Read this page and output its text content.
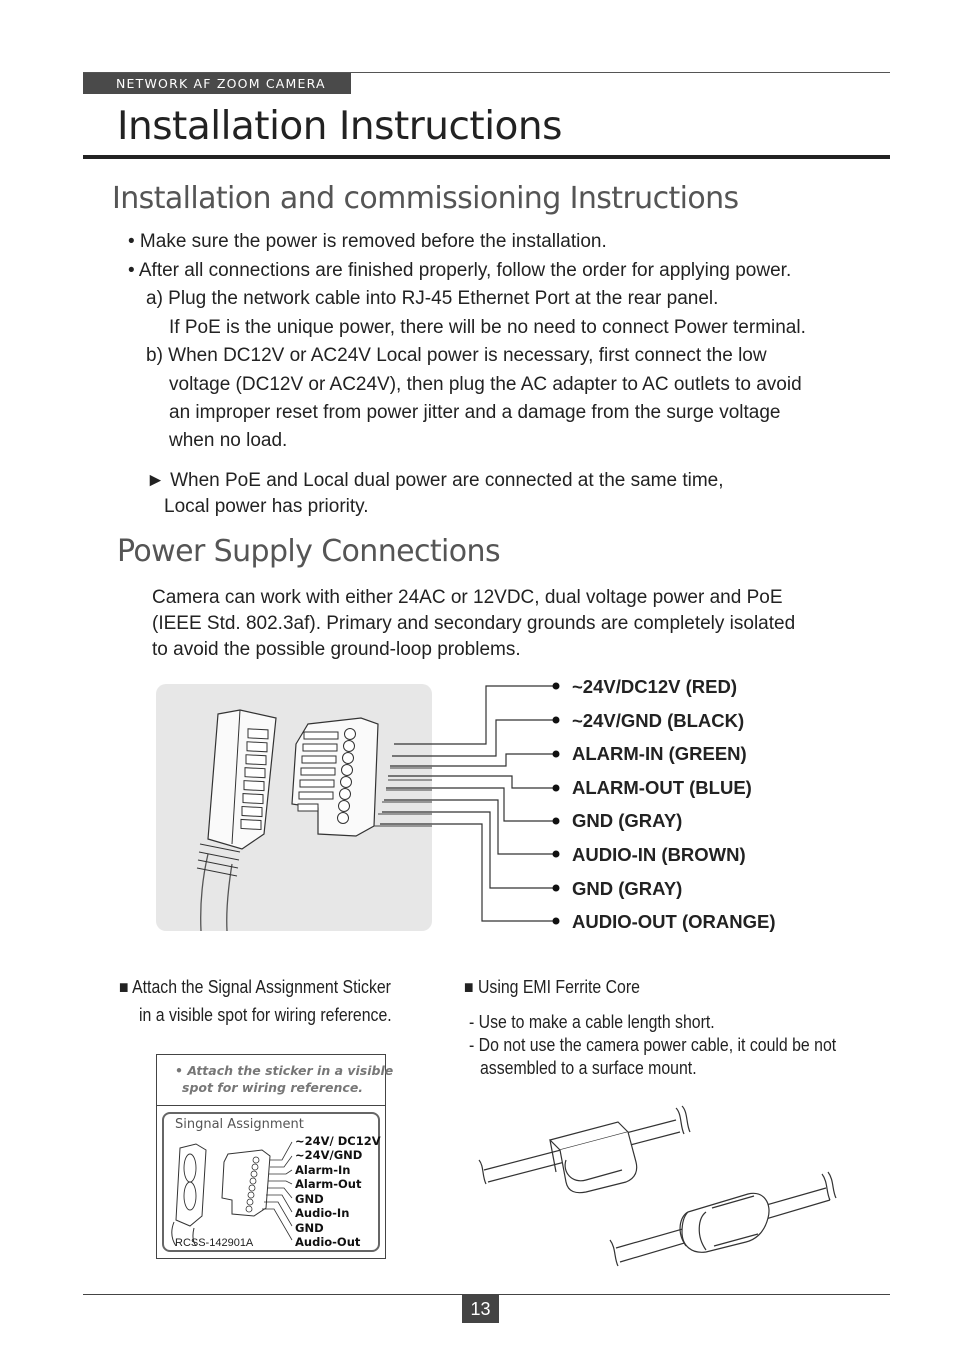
NETWORK AF ZOOM CAMERA
Installation Instructions
Installation and commissioning Instructions
• Make sure the power is removed before the installation.
• After all connections are finished properly, follow the order for applying power.
a) Plug the network cable into RJ-45 Ethernet Port at the rear panel.
If PoE is the unique power, there will be no need to connect Power terminal.
b) When DC12V or AC24V Local power is necessary, first connect the low
voltage (DC12V or AC24V), then plug the AC adapter to AC outlets to avoid
an improper reset from power jitter and a damage from the surge voltage
when no load.
► When PoE and Local dual power are connected at the same time,
Local power has priority.
Power Supply Connections
Camera can work with either 24AC or 12VDC, dual voltage power and PoE
(IEEE Std. 802.3af). Primary and secondary grounds are completely isolated
to avoid the possible ground-loop problems.
~24V/DC12V (RED)
~24V/GND (BLACK)
ALARM-IN (GREEN)
ALARM-OUT (BLUE)
GND (GRAY)
AUDIO-IN (BROWN)
GND (GRAY)
AUDIO-OUT (ORANGE)
■ Attach the Signal Assignment Sticker
in a visible spot for wiring reference.
• Attach the sticker in a visible
spot for wiring reference.
Singnal Assignment
~24V/ DC12V
~24V/GND
Alarm-In
Alarm-Out
GND
Audio-In
GND
Audio-Out
RCSS-142901A
■ Using EMI Ferrite Core
- Use to make a cable length short.
- Do not use the camera power cable, it could be not
assembled to a surface mount.
13
